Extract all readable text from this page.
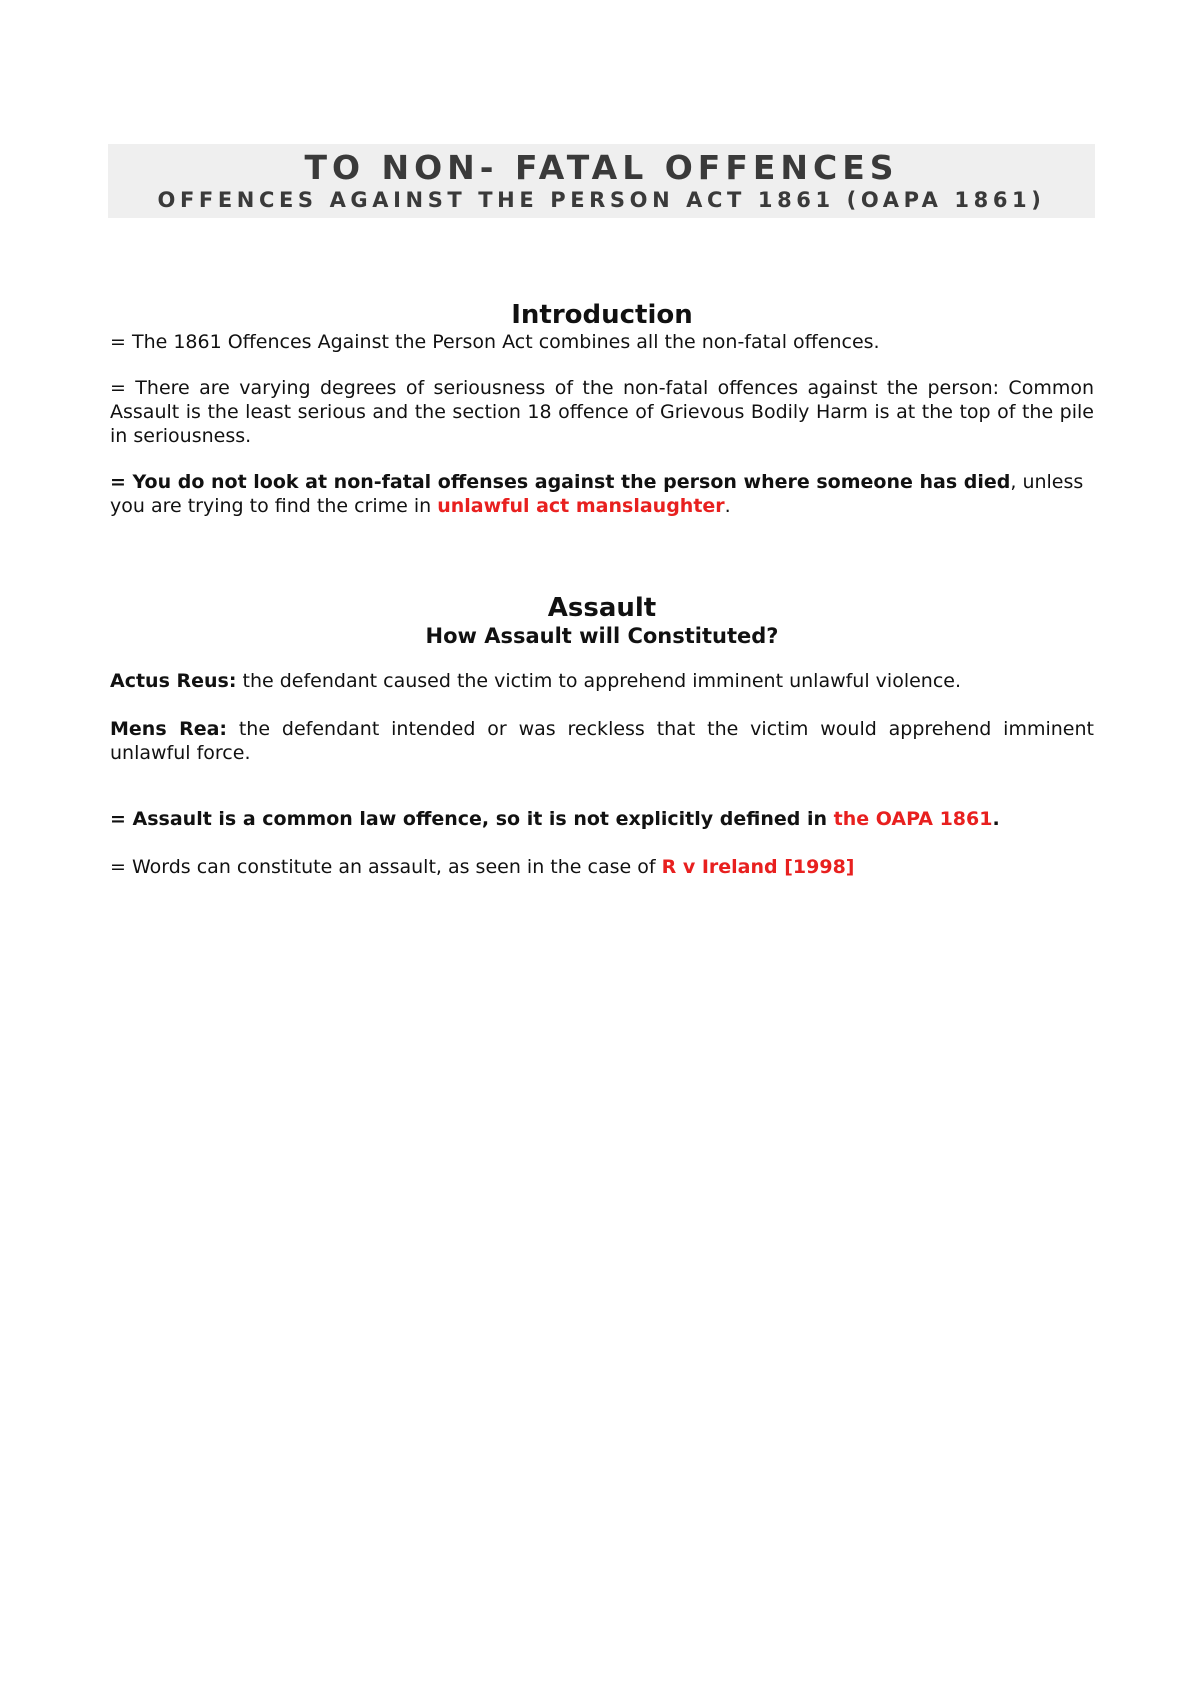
TO NON- FATAL OFFENCES
OFFENCES AGAINST THE PERSON ACT 1861 (OAPA 1861)
Introduction

= The 1861 Offences Against the Person Act combines all the non-fatal offences.

= There are varying degrees of seriousness of the non-fatal offences against the person: Common Assault is the least serious and the section 18 offence of Grievous Bodily Harm is at the top of the pile in seriousness.

= You do not look at non-fatal offenses against the person where someone has died, unless you are trying to find the crime in unlawful act manslaughter.

Assault
How Assault will Constituted?

Actus Reus: the defendant caused the victim to apprehend imminent unlawful violence.

Mens Rea: the defendant intended or was reckless that the victim would apprehend imminent unlawful force.

= Assault is a common law offence, so it is not explicitly defined in the OAPA 1861.

= Words can constitute an assault, as seen in the case of R v Ireland [1998]
